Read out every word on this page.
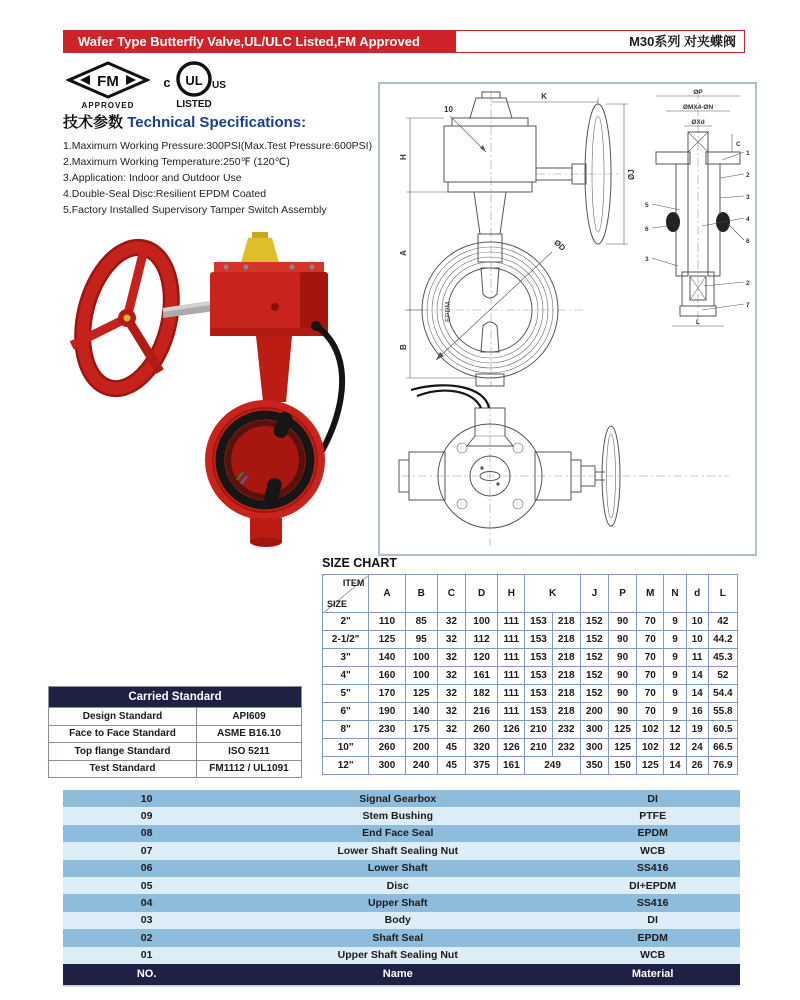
Wafer Type Butterfly Valve,UL/ULC Listed,FM Approved	M30系列 对夹蝶阀
FM
APPROVED
c UL US
LISTED
技术参数 Technical Specifications:
1.Maximum Working Pressure:300PSI(Max.Test Pressure:600PSI)
2.Maximum Working Temperature:250℉ (120℃)
3.Application: Indoor and Outdoor Use
4.Double-Seal Disc:Resilient EPDM Coated
5.Factory Installed Supervisory Tamper Switch Assembly
ØD
EPDM
H
A
B
K
ØJ
10
ØP
ØMX4-ØN
ØXd
C
L
1
2
3
4
6
2
7
5
6
3
SIZE CHART
ITEM
SIZE	A	B	C	D	H	K		J	P	M	N	d	L
2"	110	85	32	100	111	153	218	152	90	70	9	10	42
2-1/2"	125	95	32	112	111	153	218	152	90	70	9	10	44.2
3"	140	100	32	120	111	153	218	152	90	70	9	11	45.3
4"	160	100	32	161	111	153	218	152	90	70	9	14	52
5"	170	125	32	182	111	153	218	152	90	70	9	14	54.4
6"	190	140	32	216	111	153	218	200	90	70	9	16	55.8
8"	230	175	32	260	126	210	232	300	125	102	12	19	60.5
10"	260	200	45	320	126	210	232	300	125	102	12	24	66.5
12"	300	240	45	375	161	249		350	150	125	14	26	76.9
Carried Standard	
Design Standard	API609
Face to Face Standard	ASME B16.10
Top flange Standard	ISO 5211
Test Standard	FM1112 / UL1091
10	Signal Gearbox	DI
09	Stem Bushing	PTFE
08	End Face Seal	EPDM
07	Lower Shaft Sealing Nut	WCB
06	Lower Shaft	SS416
05	Disc	DI+EPDM
04	Upper Shaft	SS416
03	Body	DI
02	Shaft Seal	EPDM
01	Upper Shaft Sealing Nut	WCB
NO.	Name	Material
